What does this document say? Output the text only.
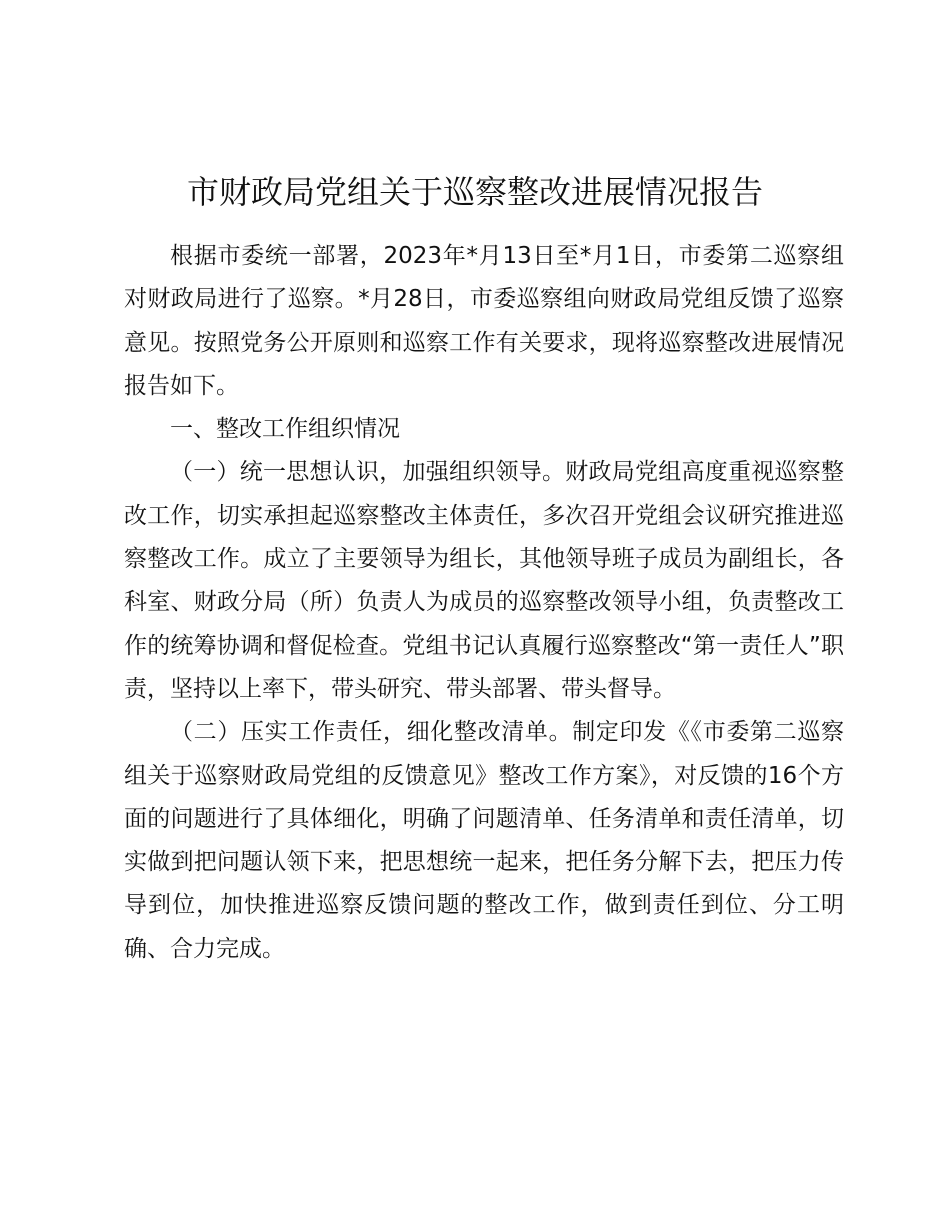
市财政局党组关于巡察整改进展情况报告

根据市委统一部署，2023年*月13日至*月1日，市委第二巡察组对财政局进行了巡察。*月28日，市委巡察组向财政局党组反馈了巡察意见。按照党务公开原则和巡察工作有关要求，现将巡察整改进展情况报告如下。

一、整改工作组织情况

（一）统一思想认识，加强组织领导。财政局党组高度重视巡察整改工作，切实承担起巡察整改主体责任，多次召开党组会议研究推进巡察整改工作。成立了主要领导为组长，其他领导班子成员为副组长，各科室、财政分局（所）负责人为成员的巡察整改领导小组，负责整改工作的统筹协调和督促检查。党组书记认真履行巡察整改“第一责任人”职责，坚持以上率下，带头研究、带头部署、带头督导。

（二）压实工作责任，细化整改清单。制定印发《《市委第二巡察组关于巡察财政局党组的反馈意见》整改工作方案》，对反馈的16个方面的问题进行了具体细化，明确了问题清单、任务清单和责任清单，切实做到把问题认领下来，把思想统一起来，把任务分解下去，把压力传导到位，加快推进巡察反馈问题的整改工作，做到责任到位、分工明确、合力完成。
